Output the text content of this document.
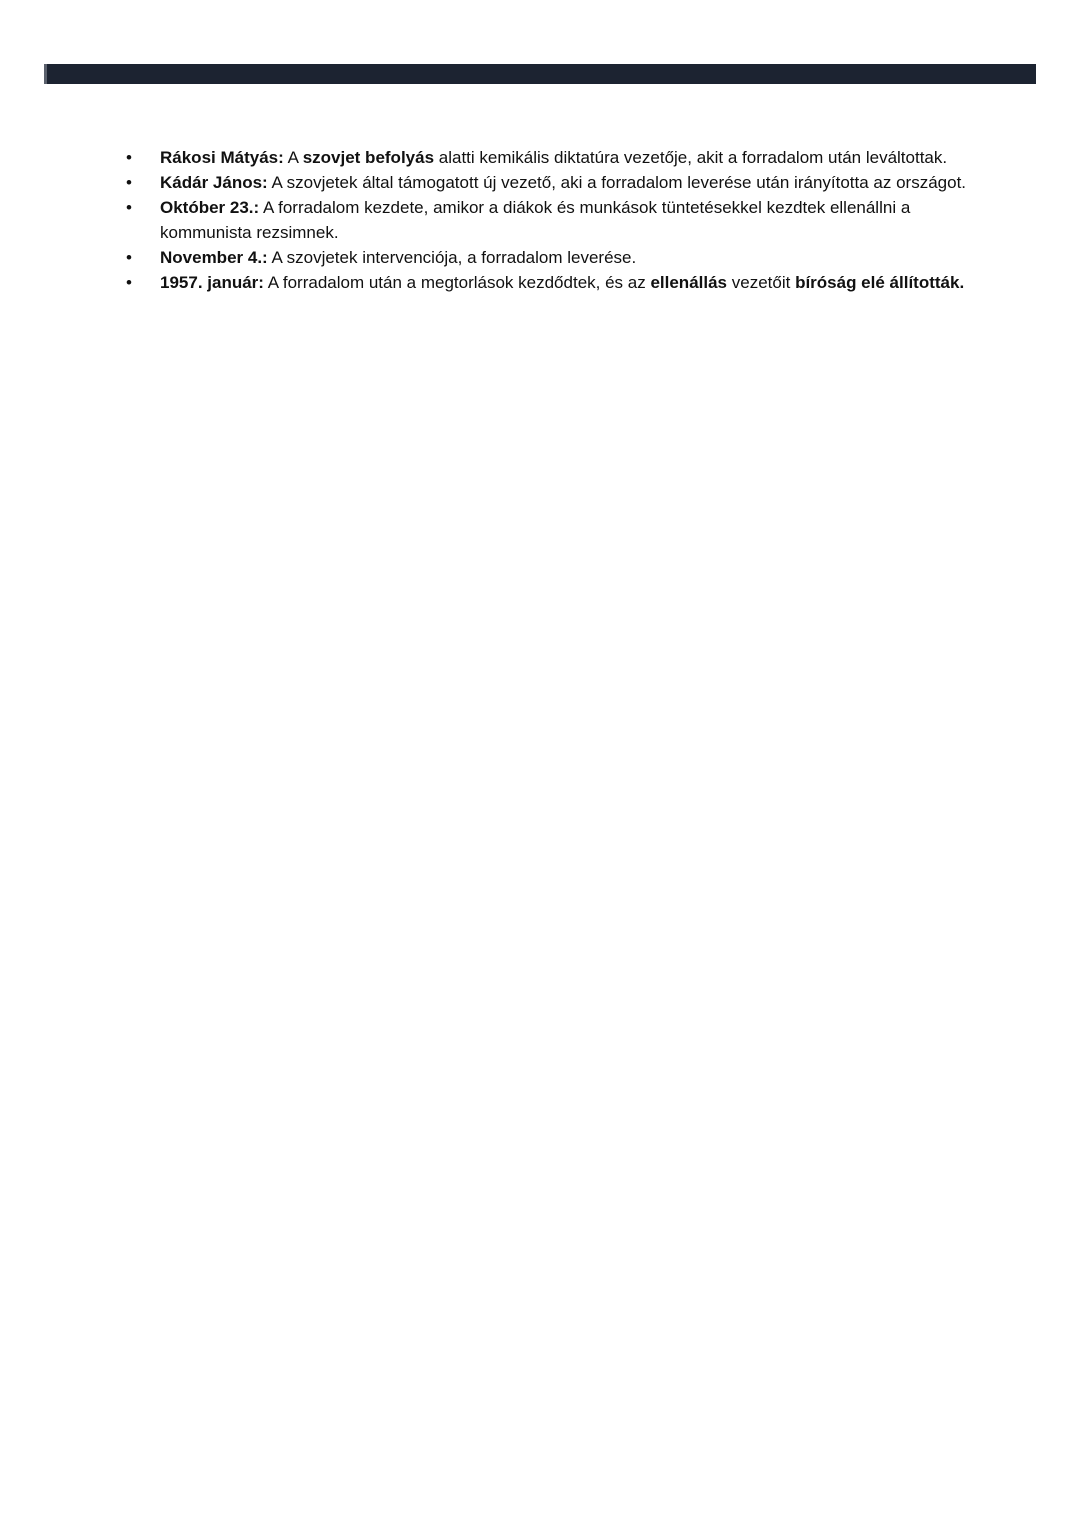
• Rákosi Mátyás: A szovjet befolyás alatti kemikális diktatúra vezetője, akit a forradalom után leváltottak.
• Kádár János: A szovjetek által támogatott új vezető, aki a forradalom leverése után irányította az országot.
• Október 23.: A forradalom kezdete, amikor a diákok és munkások tüntetésekkel kezdtek ellenállni a kommunista rezsimnek.
• November 4.: A szovjetek intervenciója, a forradalom leverése.
• 1957. január: A forradalom után a megtorlások kezdődtek, és az ellenállás vezetőit bíróság elé állították.
